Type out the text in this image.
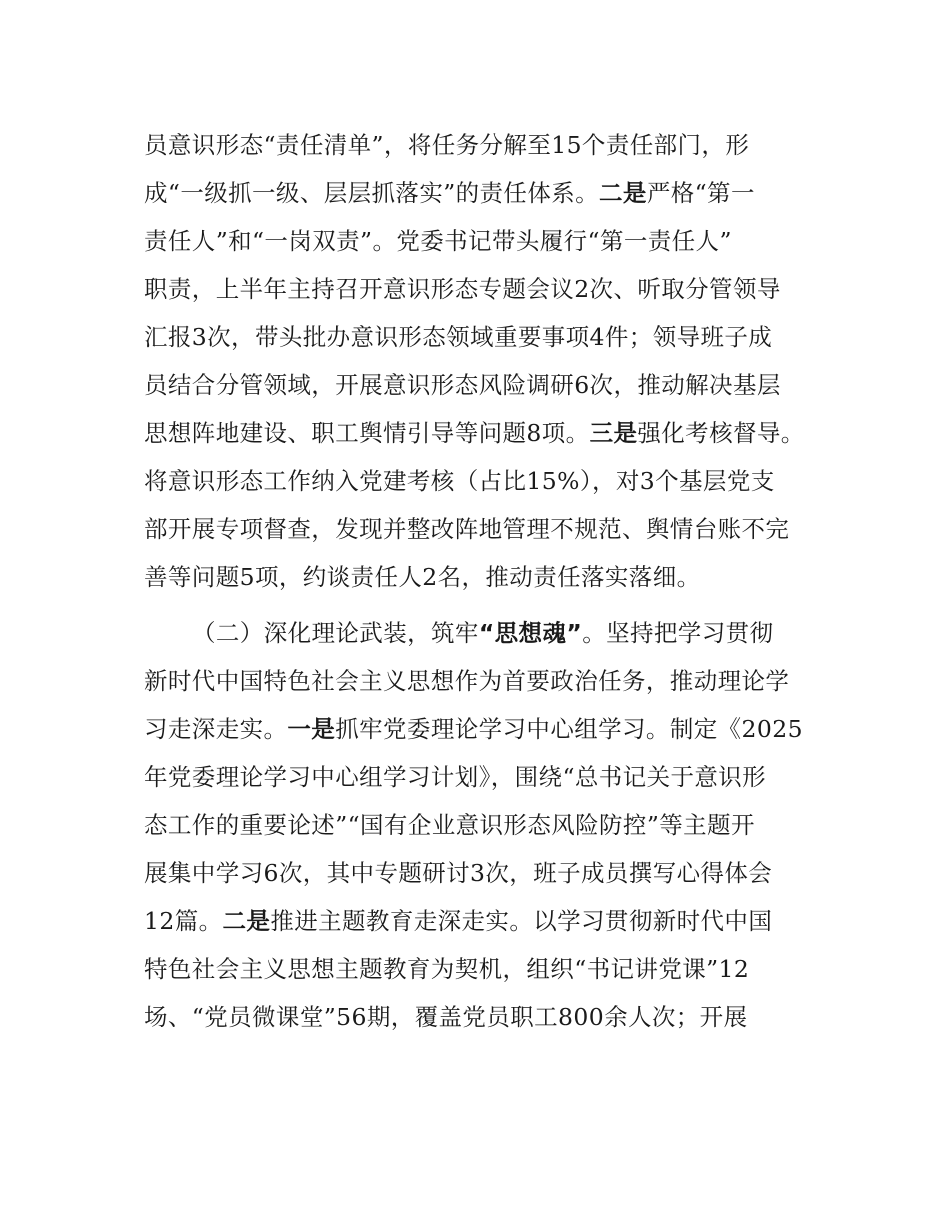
员意识形态“责任清单”，将任务分解至15个责任部门，形
成“一级抓一级、层层抓落实”的责任体系。二是严格“第一
责任人”和“一岗双责”。党委书记带头履行“第一责任人”
职责，上半年主持召开意识形态专题会议2次、听取分管领导
汇报3次，带头批办意识形态领域重要事项4件；领导班子成
员结合分管领域，开展意识形态风险调研6次，推动解决基层
思想阵地建设、职工舆情引导等问题8项。三是强化考核督导。
将意识形态工作纳入党建考核（占比15%），对3个基层党支
部开展专项督查，发现并整改阵地管理不规范、舆情台账不完
善等问题5项，约谈责任人2名，推动责任落实落细。
（二）深化理论武装，筑牢“思想魂”。坚持把学习贯彻
新时代中国特色社会主义思想作为首要政治任务，推动理论学
习走深走实。一是抓牢党委理论学习中心组学习。制定《2025
年党委理论学习中心组学习计划》，围绕“总书记关于意识形
态工作的重要论述”“国有企业意识形态风险防控”等主题开
展集中学习6次，其中专题研讨3次，班子成员撰写心得体会
12篇。二是推进主题教育走深走实。以学习贯彻新时代中国
特色社会主义思想主题教育为契机，组织“书记讲党课”12
场、“党员微课堂”56期，覆盖党员职工800余人次；开展
